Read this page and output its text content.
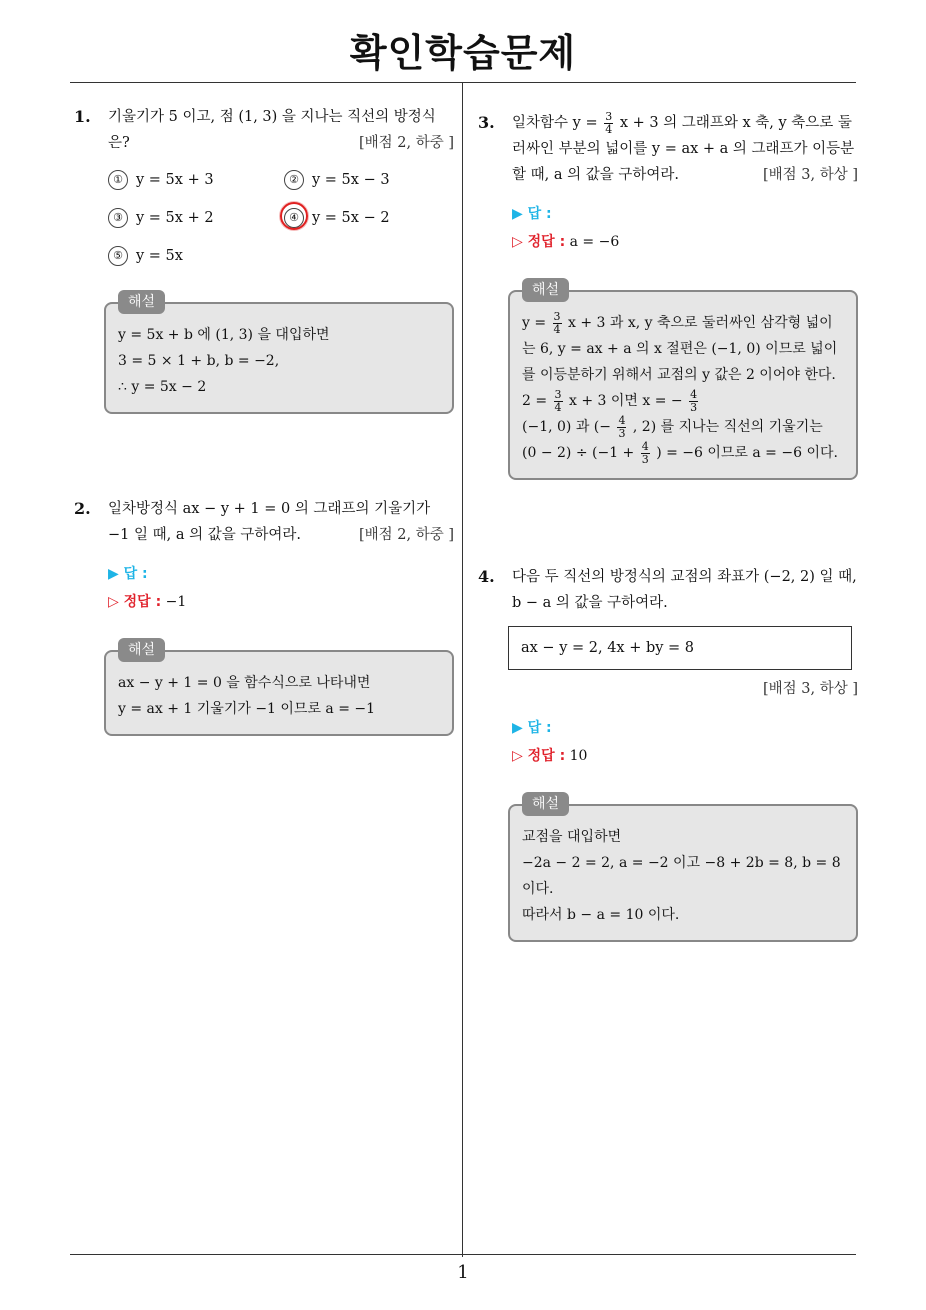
확인학습문제
1
1. 기울기가 5 이고, 점 (1, 3) 을 지나는 직선의 방정식은?	[배점 2, 하중 ]
① y = 5x + 3	② y = 5x − 3
③ y = 5x + 2	④ y = 5x − 2
⑤ y = 5x
해설
y = 5x + b 에 (1, 3) 을 대입하면
3 = 5 × 1 + b, b = −2,
∴ y = 5x − 2
2. 일차방정식 ax − y + 1 = 0 의 그래프의 기울기가 −1 일 때, a 의 값을 구하여라.	[배점 2, 하중 ]
▶ 답 :
▷ 정답 : −1
해설
ax − y + 1 = 0 을 함수식으로 나타내면
y = ax + 1 기울기가 −1 이므로 a = −1
3. 일차함수 $y = \frac{3}{4}$ x + 3 의 그래프와 x 축, y 축으로 둘러싸인 부분의 넓이를 y = ax + a 의 그래프가 이등분할 때, a 의 값을 구하여라.	[배점 3, 하상 ]
▶ 답 :
▷ 정답 : a = −6
해설
$y = \frac{3}{4}$ x + 3 과 x, y 축으로 둘러싸인 삼각형 넓이는 6, y = ax + a 의 x 절편은 (−1, 0) 이므로 넓이를 이등분하기 위해서 교점의 y 값은 2 이어야 한다.
$2 = \frac{3}{4}$ x + 3 이면 x = − $\frac{4}{3}$
(−1, 0) 과 (− $\frac{4}{3}$ , 2) 를 지나는 직선의 기울기는
$(0 - 2) \div (-1 + \frac{4}{3}$ ) = −6 이므로 a = −6 이다.
4. 다음 두 직선의 방정식의 교점의 좌표가 (−2, 2) 일 때, b − a 의 값을 구하여라.
ax − y = 2, 4x + by = 8
[배점 3, 하상 ]
▶ 답 :
▷ 정답 : 10
해설
교점을 대입하면
−2a − 2 = 2, a = −2 이고 −8 + 2b = 8, b = 8
이다.
따라서 b − a = 10 이다.
